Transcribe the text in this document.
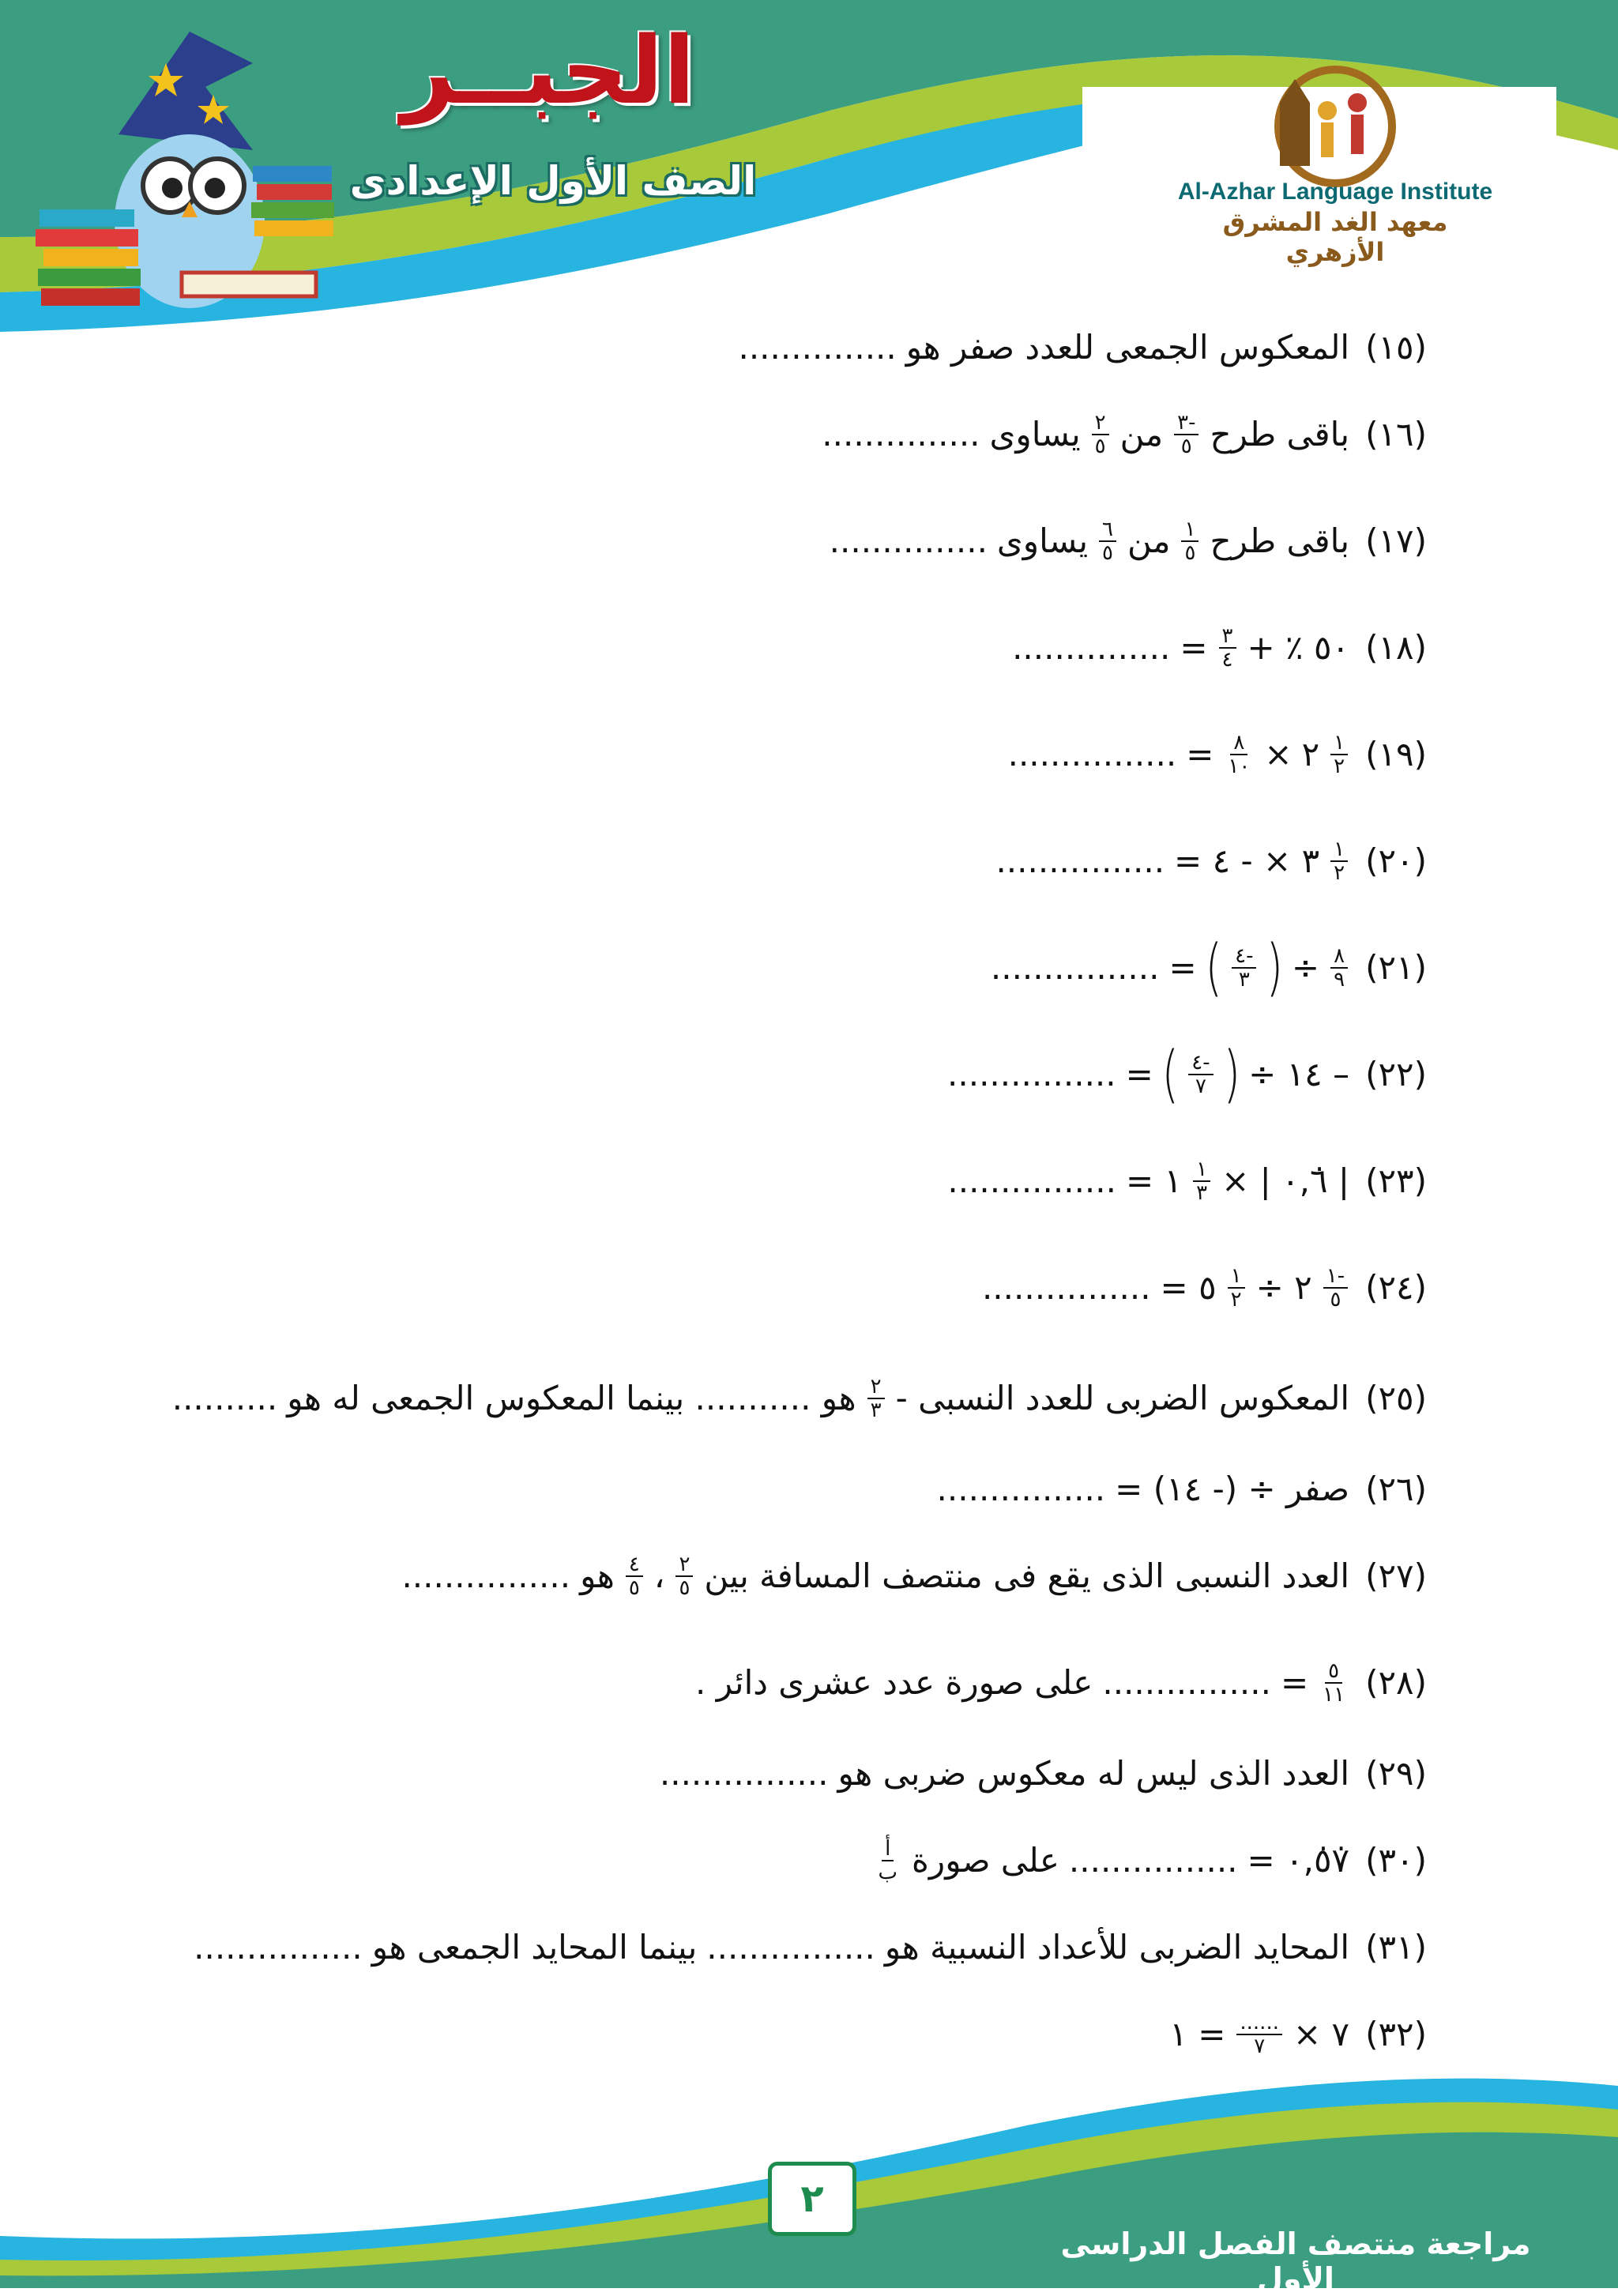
الجبــر
الصف الأول الإعدادى	Al-Azhar Language Institute
معهد الغد المشرق الأزهري
(١٥)
المعكوس الجمعى للعدد صفر هو
...............
(١٦)
باقى طرح
$\frac{-٣}{٥}$
من
$\frac{٢}{٥}$
يساوى
...............
(١٧)
باقى طرح
$\frac{١}{٥}$
من
$\frac{٦}{٥}$
يساوى
...............
(١٨)
٥٠ ٪ +
$\frac{٣}{٤}$
=
...............
(١٩)
$\frac{١}{٢}$
٢
×
$\frac{٨}{١٠}$
=
................
(٢٠)
$\frac{١}{٢}$
٣ × - ٤ =
................
(٢١)
$\frac{٨}{٩}$
÷
(
$\frac{-٤}{٣}$
)
=
................
(٢٢)
– ١٤ ÷
(
$\frac{-٤}{٧}$
)
=
................
(٢٣)
| ٠,٦̇ | ×
$\frac{١}{٣}$
١ =
................
(٢٤)
$\frac{-١}{٥}$
٢ ÷
$\frac{١}{٢}$
٥ =
................
(٢٥)
المعكوس الضربى للعدد النسبى -
$\frac{٢}{٣}$
هو ........... بينما المعكوس الجمعى له هو
..........
(٢٦)
صفر ÷ (- ١٤) =
................
(٢٧)
العدد النسبى الذى يقع فى منتصف المسافة بين
$\frac{٢}{٥}$
،
$\frac{٤}{٥}$
هو
................
(٢٨)
$\frac{٥}{١١}$
=
................
على صورة عدد عشرى دائر .
(٢٩)
العدد الذى ليس له معكوس ضربى هو
................
(٣٠)
٠,٥̇٧̇ =
................
على صورة
$\frac{\text{أ}}{\text{ب}}$
(٣١)
المحايد الضربى للأعداد النسبية هو
................
بينما المحايد الجمعى هو
................
(٣٢)
٧ ×
$\frac{......}{٧}$
= ١
٢
مراجعة منتصف الفصل الدراسى الأول
